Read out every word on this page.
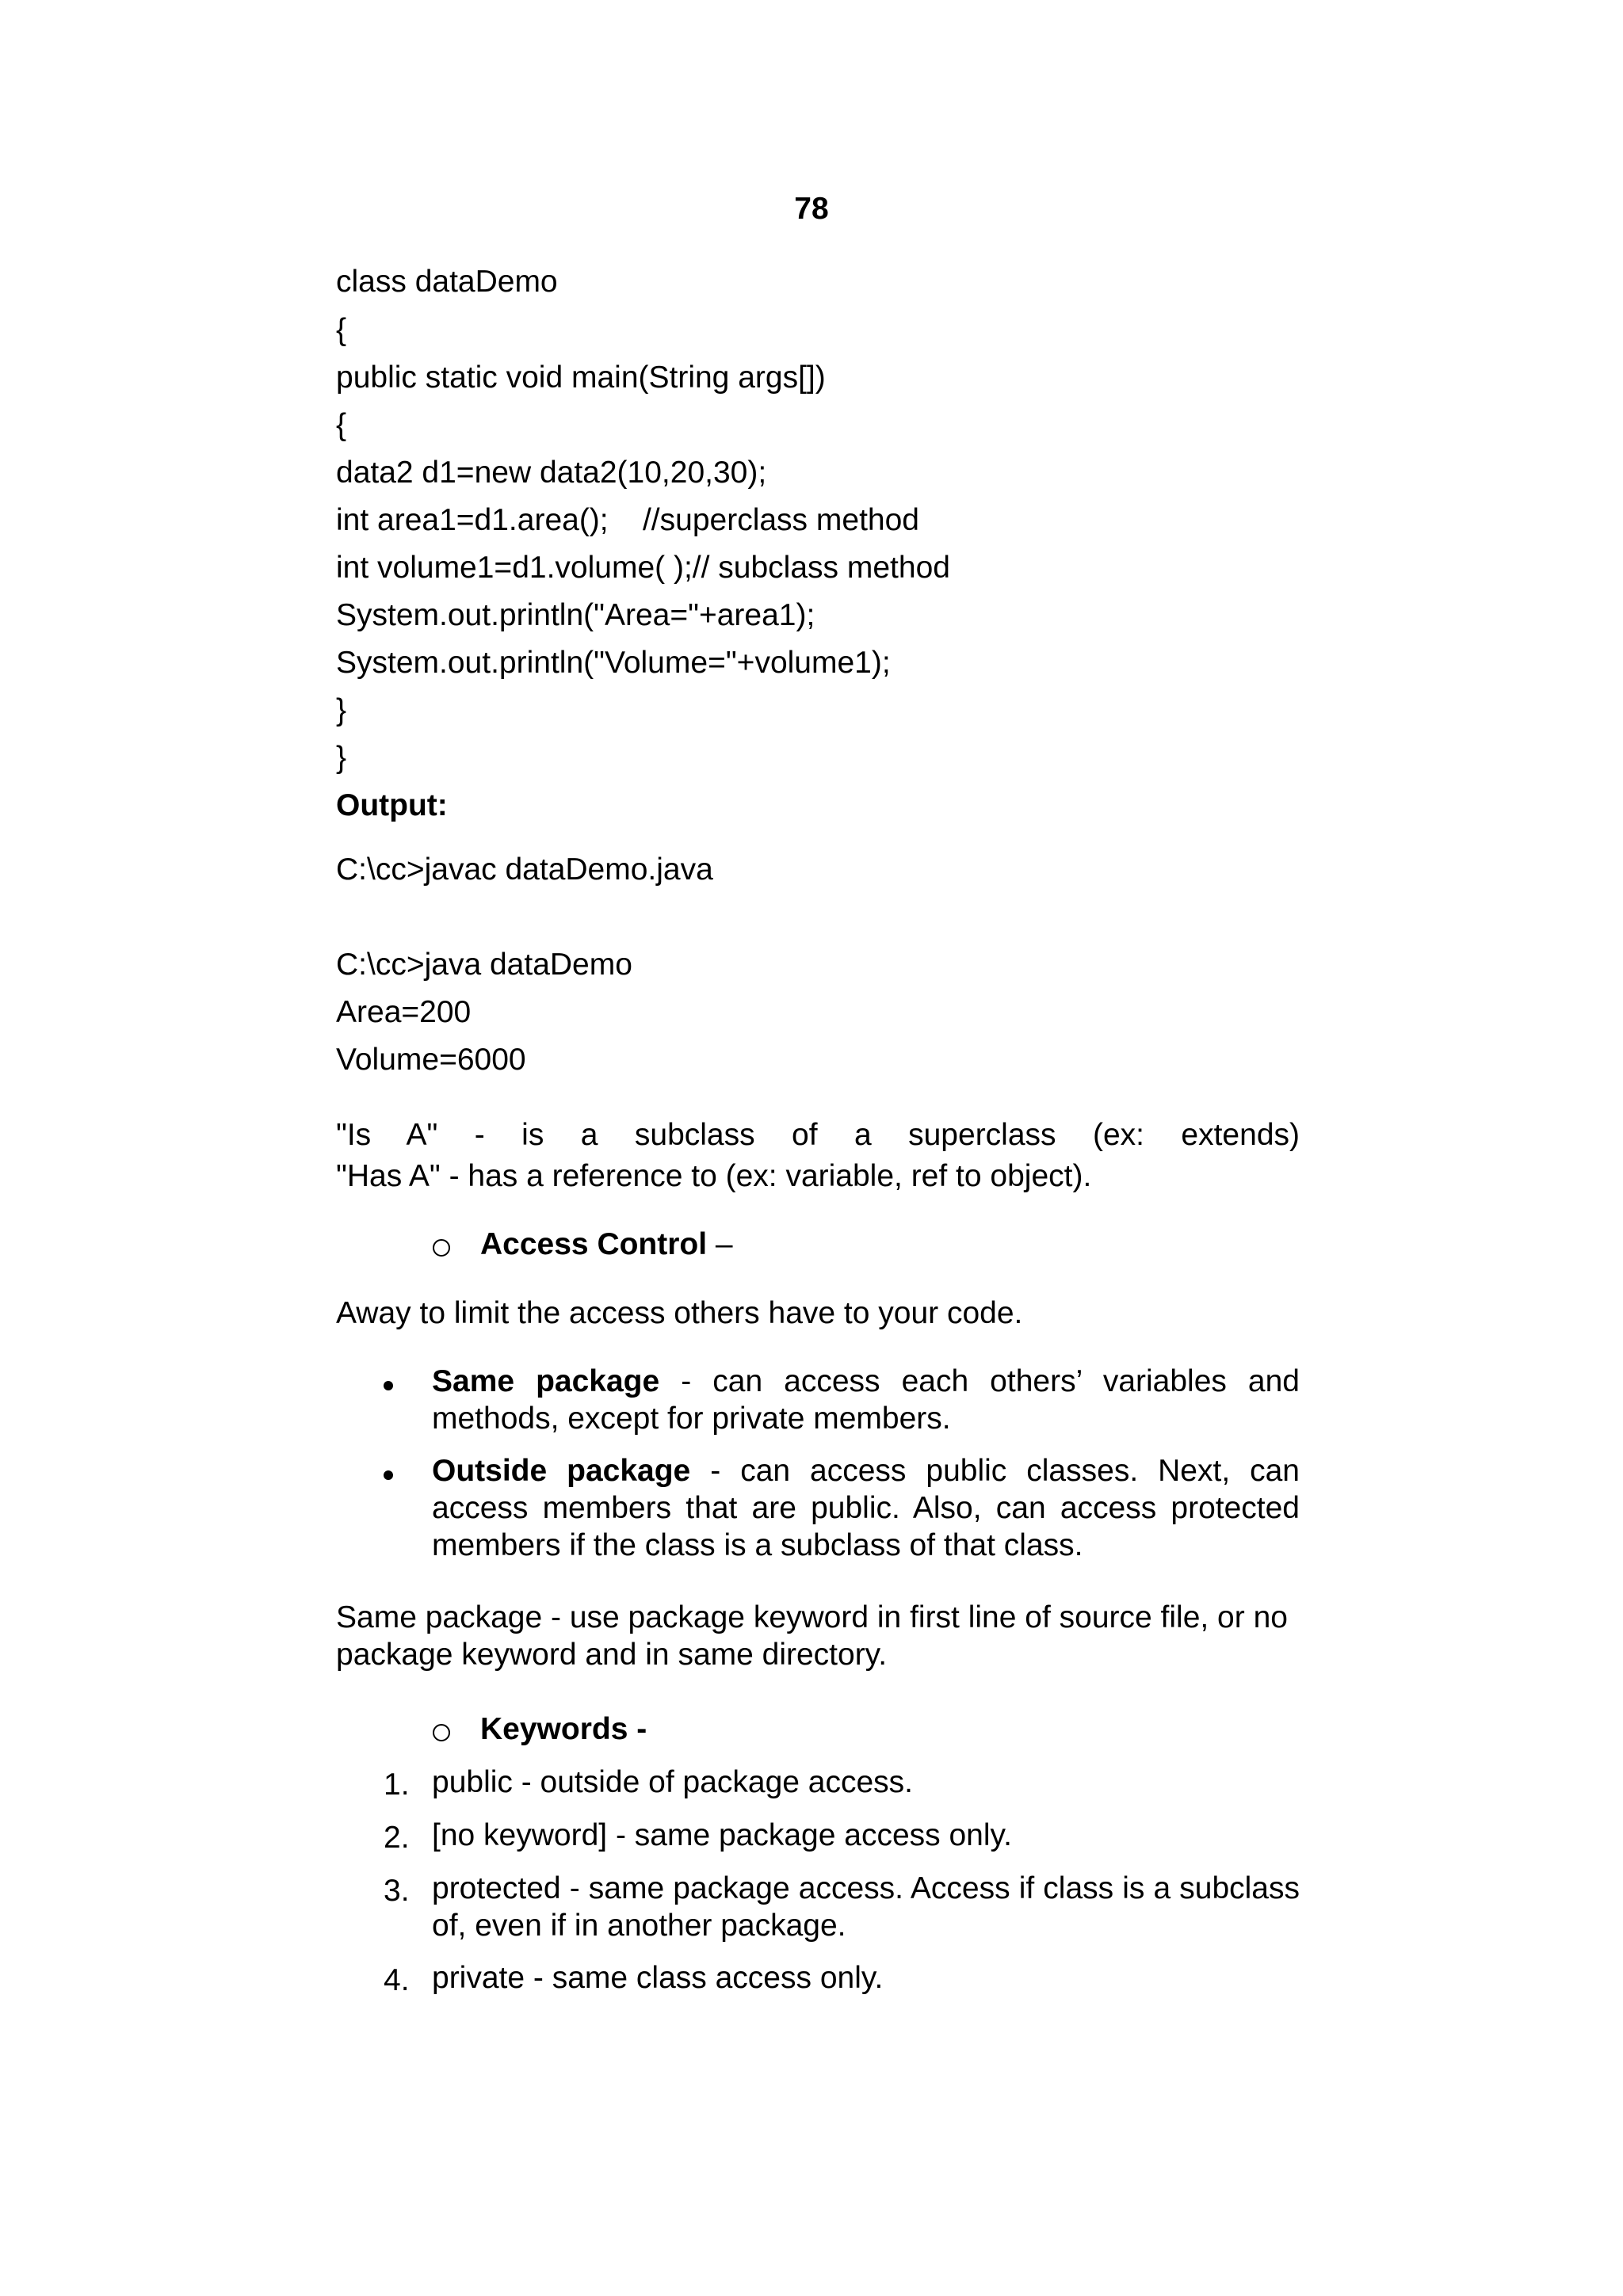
78
class dataDemo
{
public static void main(String args[])
{
data2 d1=new data2(10,20,30);
int area1=d1.area();    //superclass method
int volume1=d1.volume( );// subclass method
System.out.println("Area="+area1);
System.out.println("Volume="+volume1);
}
}
Output:
C:\cc>javac dataDemo.java
C:\cc>java dataDemo
Area=200
Volume=6000
"Is A" - is a subclass of a superclass (ex: extends)
"Has A" - has a reference to (ex: variable, ref to object).
Access Control –
Away to limit the access others have to your code.
Same package - can access each others’ variables and methods, except for private members.
Outside package - can access public classes. Next, can access members that are public. Also, can access protected members if the class is a subclass of that class.
Same package - use package keyword in first line of source file, or no package keyword and in same directory.
Keywords -
1. public - outside of package access.
2. [no keyword] - same package access only.
3. protected - same package access. Access if class is a subclass of, even if in another package.
4. private - same class access only.
